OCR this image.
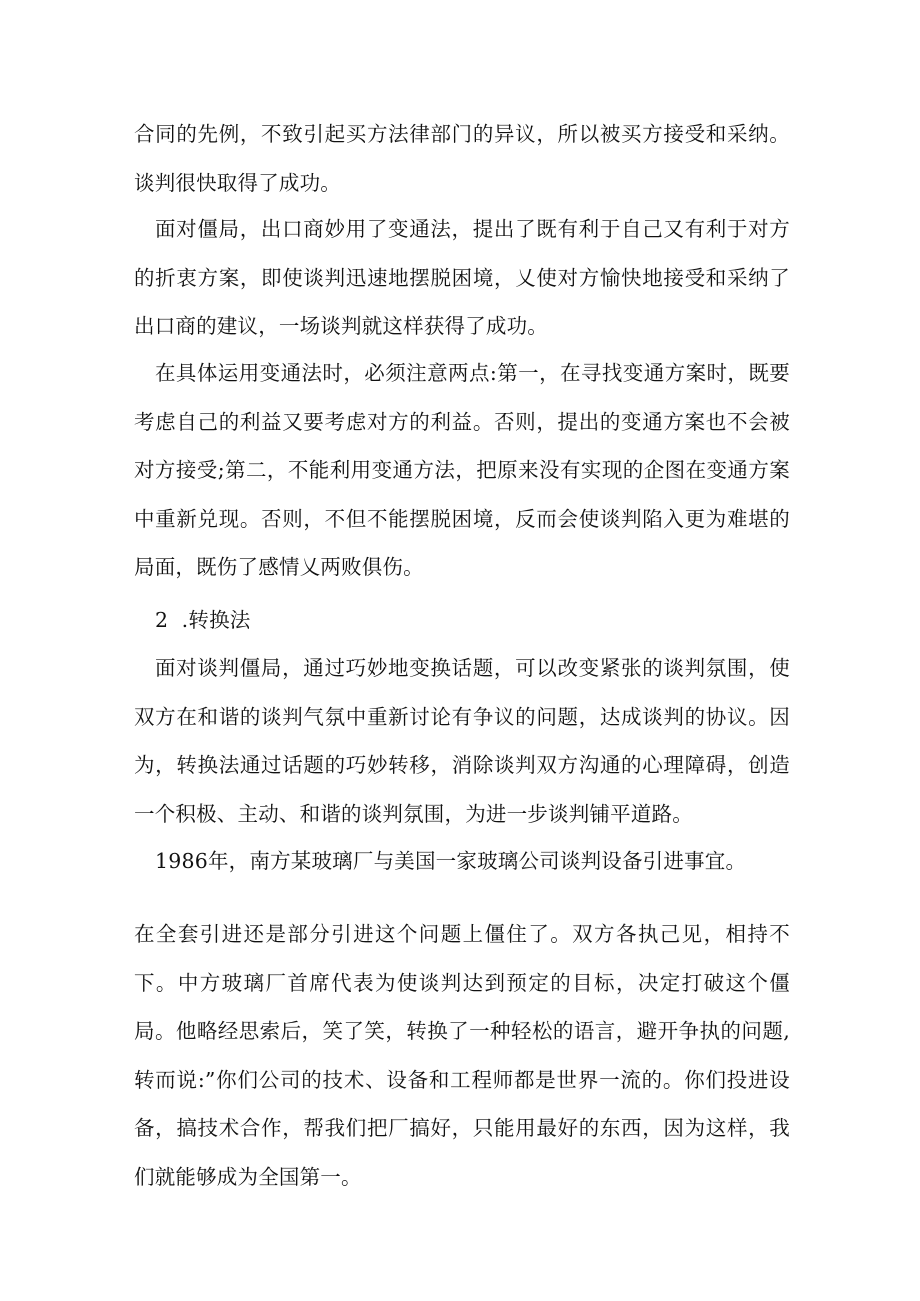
合同的先例，不致引起买方法律部门的异议，所以被买方接受和采纳。谈判很快取得了成功。

面对僵局，出口商妙用了变通法，提出了既有利于自己又有利于对方的折衷方案，即使谈判迅速地摆脱困境，乂使对方愉快地接受和采纳了出口商的建议，一场谈判就这样获得了成功。

在具体运用变通法时，必须注意两点:第一，在寻找变通方案时，既要考虑自己的利益又要考虑对方的利益。否则，提出的变通方案也不会被对方接受;第二，不能利用变通方法，把原来没有实现的企图在变通方案中重新兑现。否则，不但不能摆脱困境，反而会使谈判陷入更为难堪的局面，既伤了感情乂两败俱伤。

2  .转换法

面对谈判僵局，通过巧妙地变换话题，可以改变紧张的谈判氛围，使双方在和谐的谈判气氛中重新讨论有争议的问题，达成谈判的协议。因为，转换法通过话题的巧妙转移，消除谈判双方沟通的心理障碍，创造一个积极、主动、和谐的谈判氛围，为进一步谈判铺平道路。

1986年，南方某玻璃厂与美国一家玻璃公司谈判设备引进事宜。

在全套引进还是部分引进这个问题上僵住了。双方各执己见，相持不下。中方玻璃厂首席代表为使谈判达到预定的目标，决定打破这个僵局。他略经思索后，笑了笑，转换了一种轻松的语言，避开争执的问题,转而说:”你们公司的技术、设备和工程师都是世界一流的。你们投进设备，搞技术合作，帮我们把厂搞好，只能用最好的东西，因为这样，我们就能够成为全国第一。
